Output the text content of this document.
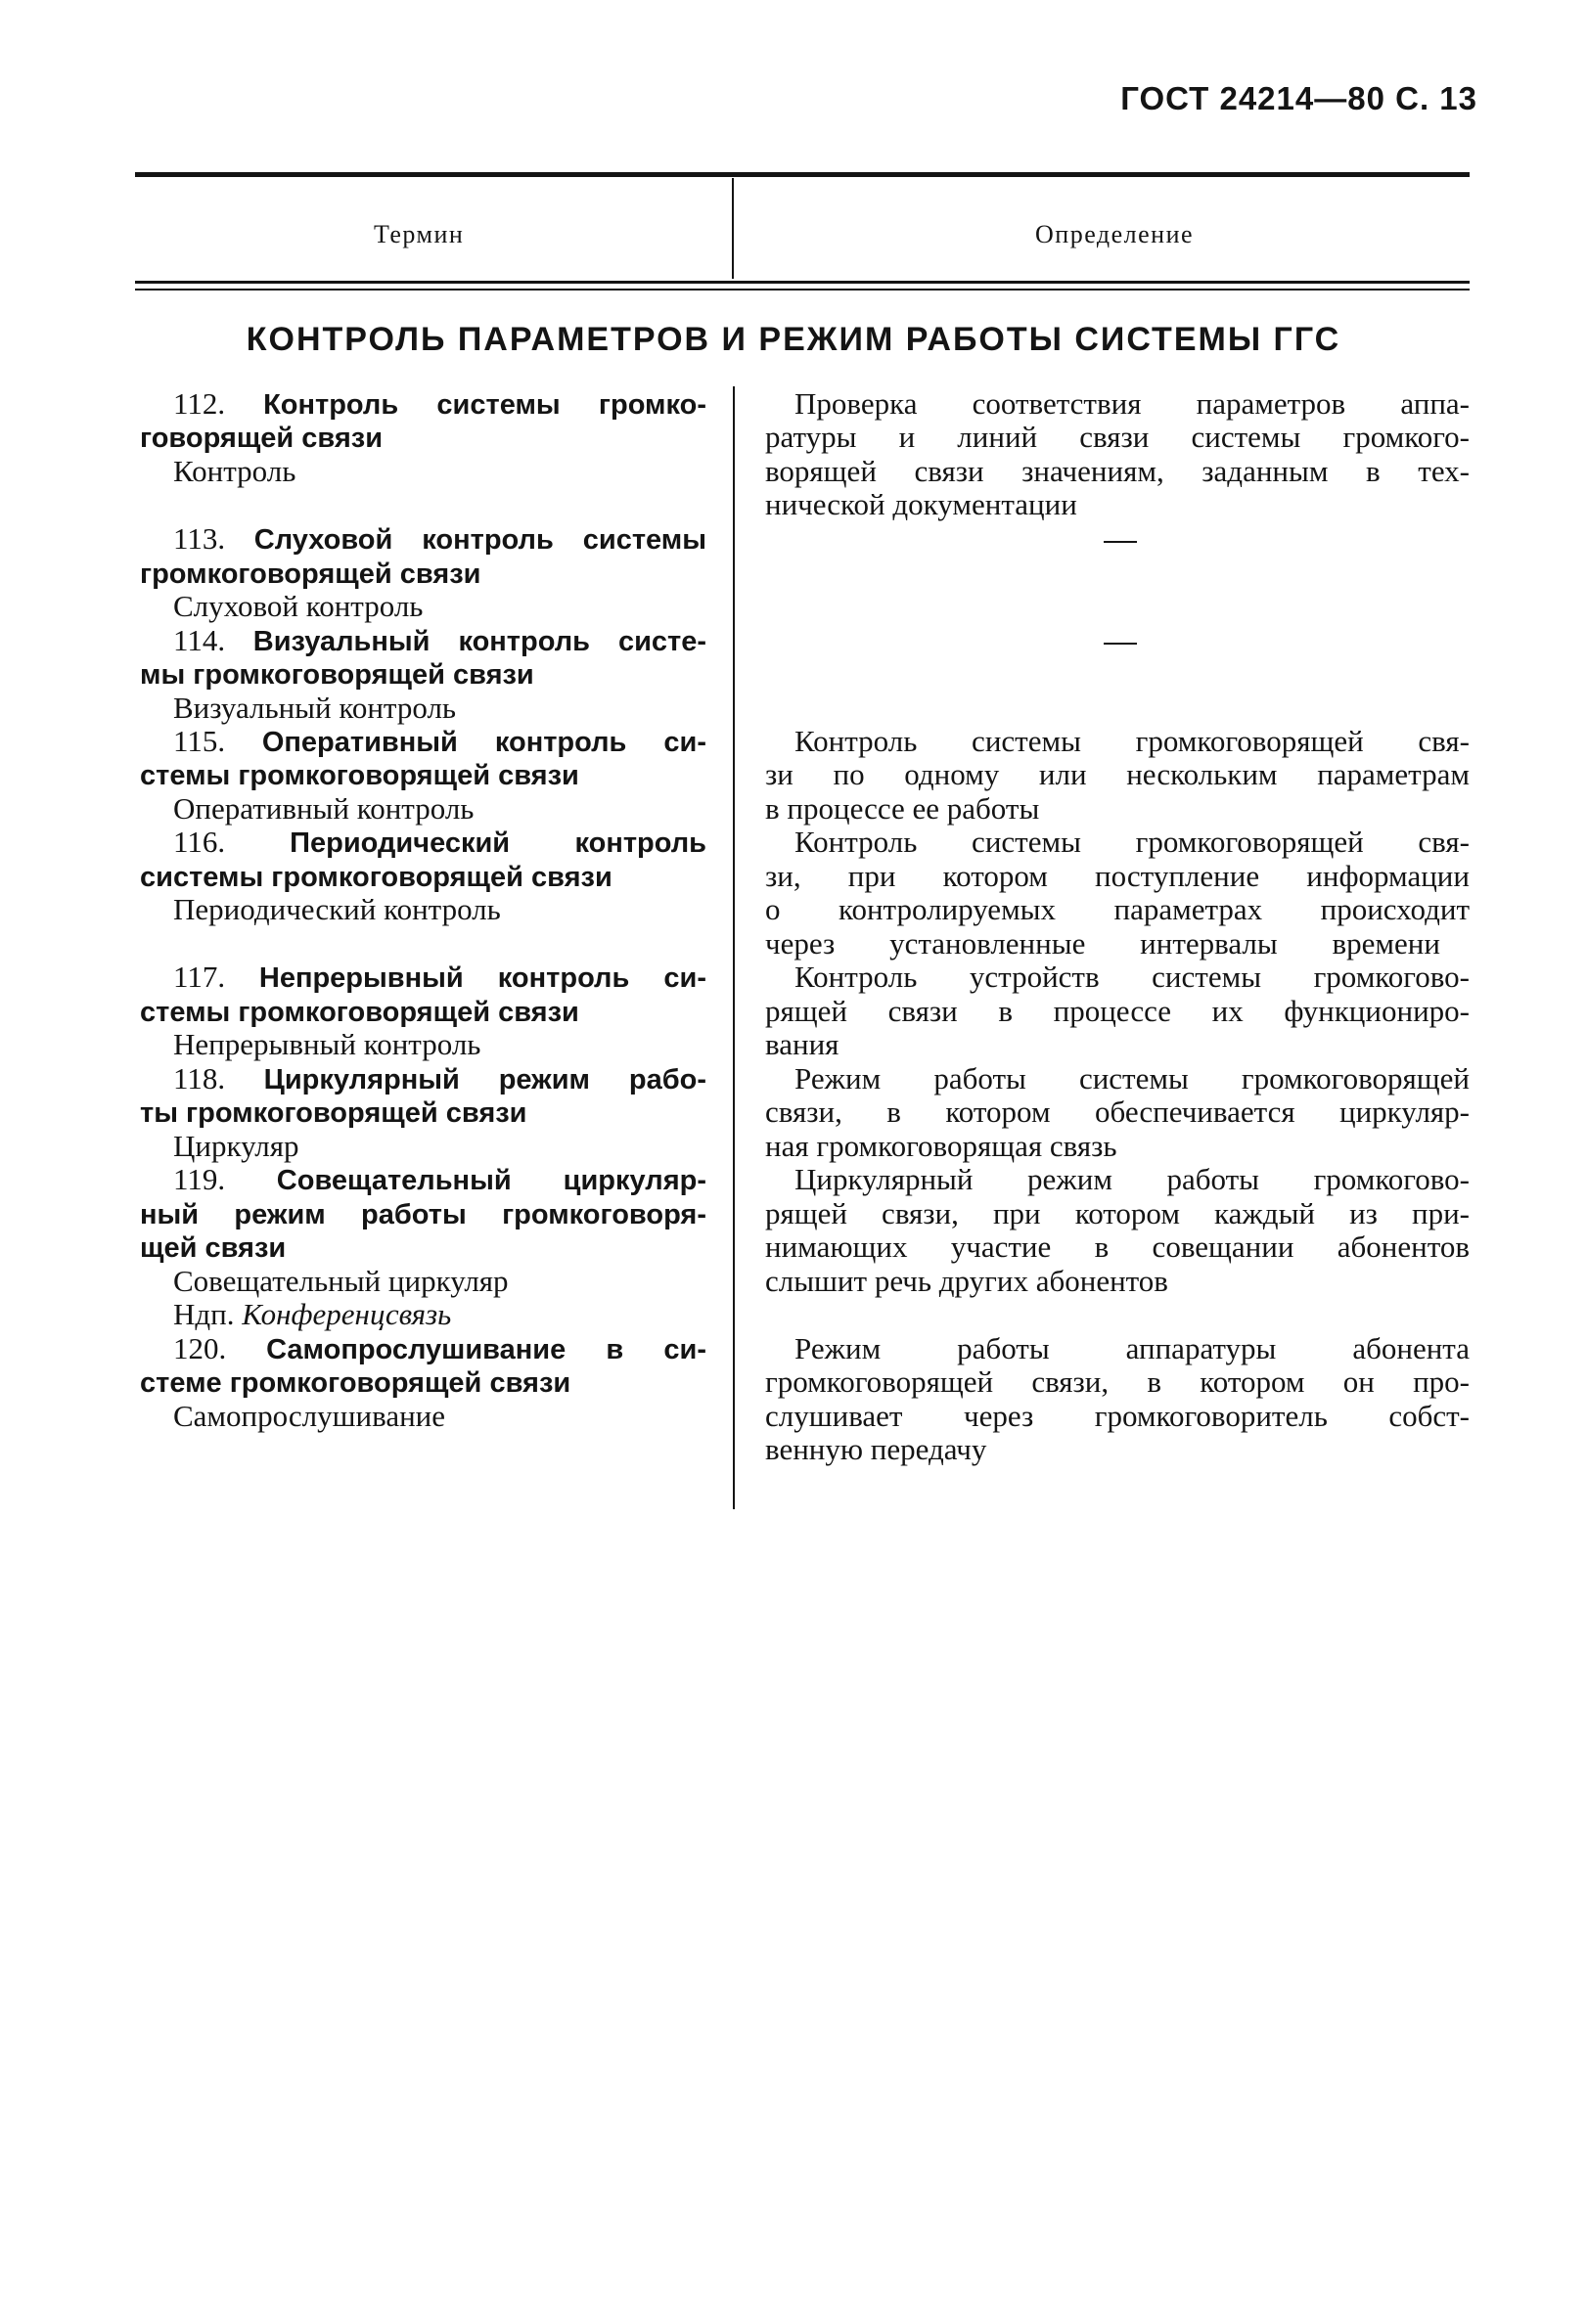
ГОСТ 24214—80 С. 13
Термин	Определение
КОНТРОЛЬ ПАРАМЕТРОВ И РЕЖИМ РАБОТЫ СИСТЕМЫ ГГС
112. Контроль системы громко-
говорящей связи
Контроль
113. Слуховой контроль системы
громкоговорящей связи
Слуховой контроль
114. Визуальный контроль систе-
мы громкоговорящей связи
Визуальный контроль
115. Оперативный контроль си-
стемы громкоговорящей связи
Оперативный контроль
116. Периодический контроль
системы громкоговорящей связи
Периодический контроль
117. Непрерывный контроль си-
стемы громкоговорящей связи
Непрерывный контроль
118. Циркулярный режим рабо-
ты громкоговорящей связи
Циркуляр
119. Совещательный циркуляр-
ный режим работы громкоговоря-
щей связи
Совещательный циркуляр
Ндп. Конференцсвязь
120. Самопрослушивание в си-
стеме громкоговорящей связи
Самопрослушивание
Проверка соответствия параметров аппа-
ратуры и линий связи системы громкого-
ворящей связи значениям, заданным в тех-
нической документации
Контроль системы громкоговорящей свя-
зи по одному или нескольким параметрам
в процессе ее работы
Контроль системы громкоговорящей свя-
зи, при котором поступление информации
о контролируемых параметрах происходит
через установленные интервалы времени
Контроль устройств системы громкогово-
рящей связи в процессе их функциониро-
вания
Режим работы системы громкоговорящей
связи, в котором обеспечивается циркуляр-
ная громкоговорящая связь
Циркулярный режим работы громкогово-
рящей связи, при котором каждый из при-
нимающих участие в совещании абонентов
слышит речь других абонентов
Режим работы аппаратуры абонента
громкоговорящей связи, в котором он про-
слушивает через громкоговоритель собст-
венную передачу
